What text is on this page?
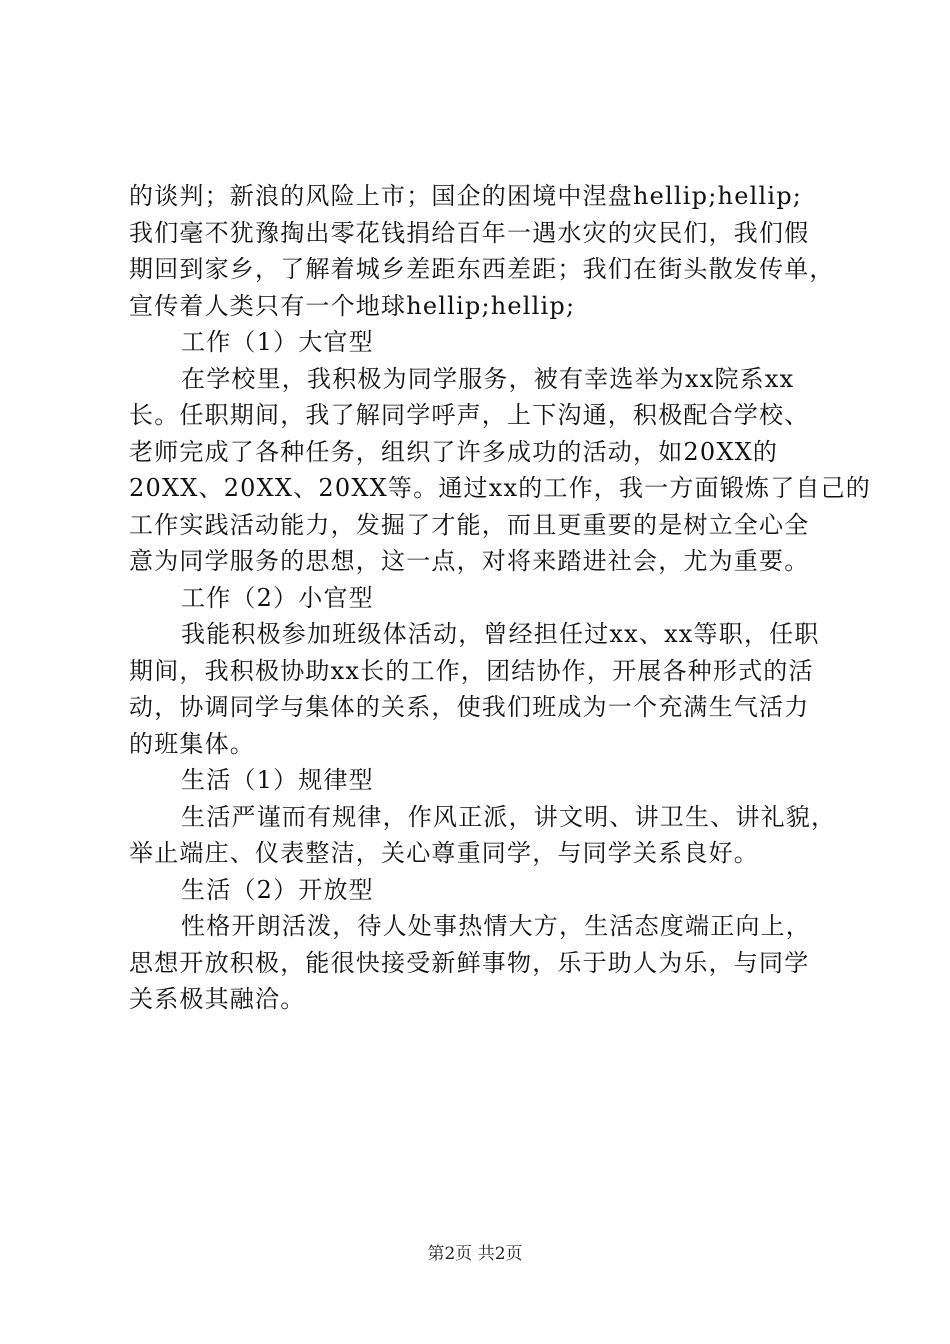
的谈判；新浪的风险上市；国企的困境中涅盘hellip;hellip;
我们毫不犹豫掏出零花钱捐给百年一遇水灾的灾民们，我们假
期回到家乡，了解着城乡差距东西差距；我们在街头散发传单，
宣传着人类只有一个地球hellip;hellip;
工作（1）大官型
在学校里，我积极为同学服务，被有幸选举为xx院系xx
长。任职期间，我了解同学呼声，上下沟通，积极配合学校、
老师完成了各种任务，组织了许多成功的活动，如20XX的
20XX、20XX、20XX等。通过xx的工作，我一方面锻炼了自己的
工作实践活动能力，发掘了才能，而且更重要的是树立全心全
意为同学服务的思想，这一点，对将来踏进社会，尤为重要。
工作（2）小官型
我能积极参加班级体活动，曾经担任过xx、xx等职，任职
期间，我积极协助xx长的工作，团结协作，开展各种形式的活
动，协调同学与集体的关系，使我们班成为一个充满生气活力
的班集体。
生活（1）规律型
生活严谨而有规律，作风正派，讲文明、讲卫生、讲礼貌，
举止端庄、仪表整洁，关心尊重同学，与同学关系良好。
生活（2）开放型
性格开朗活泼，待人处事热情大方，生活态度端正向上，
思想开放积极，能很快接受新鲜事物，乐于助人为乐，与同学
关系极其融洽。
第2页 共2页
